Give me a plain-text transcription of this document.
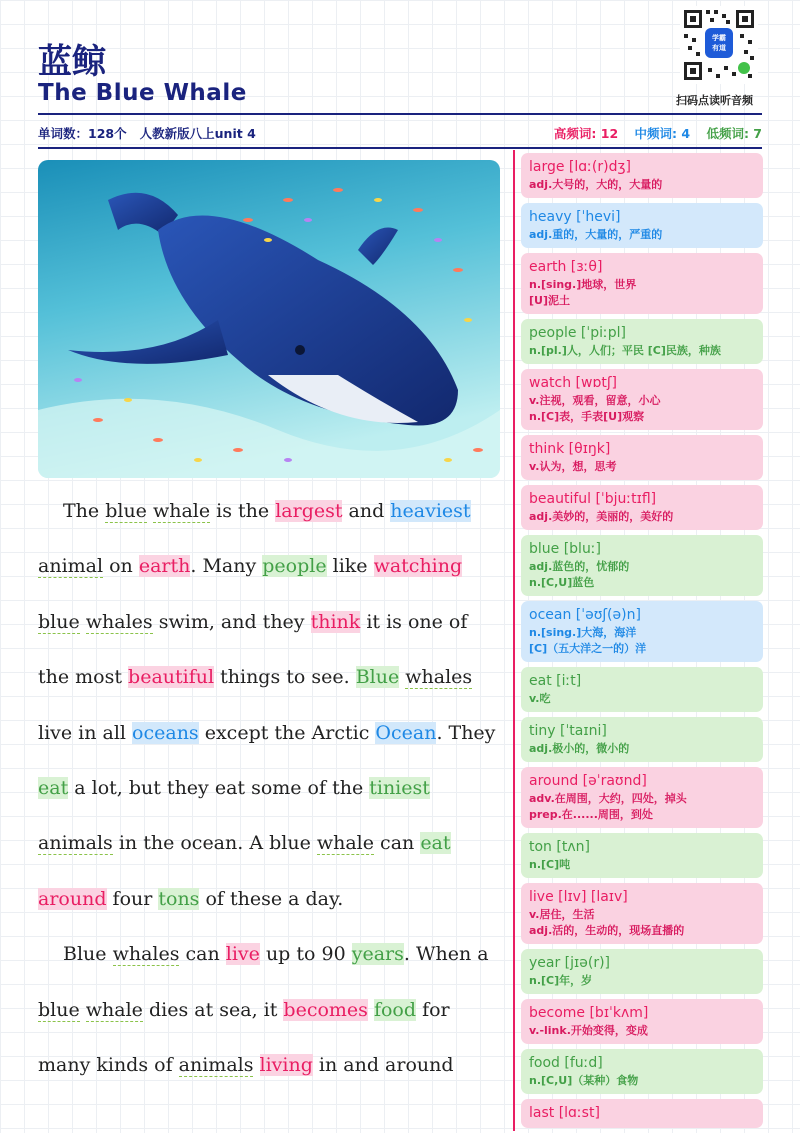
蓝鲸
The Blue Whale
学霸
有道
扫码点读听音频
单词数：128个 人教新版八上unit 4	高频词: 12 中频词: 4 低频词: 7

The blue whale is the largest and heaviest animal on earth. Many people like watching blue whales swim, and they think it is one of the most beautiful things to see. Blue whales live in all oceans except the Arctic Ocean. They eat a lot, but they eat some of the tiniest animals in the ocean. A blue whale can eat around four tons of these a day.

Blue whales can live up to 90 years. When a blue whale dies at sea, it becomes food for many kinds of animals living in and around

large [lɑː(r)dʒ]
adj.大号的，大的，大量的
heavy [ˈhevi]
adj.重的，大量的，严重的
earth [ɜːθ]
n.[sing.]地球，世界
[U]泥土
people [ˈpiːpl]
n.[pl.]人，人们；平民 [C]民族，种族
watch [wɒtʃ]
v.注视，观看，留意，小心
n.[C]表，手表[U]观察
think [θɪŋk]
v.认为，想，思考
beautiful [ˈbjuːtɪfl]
adj.美妙的，美丽的，美好的
blue [bluː]
adj.蓝色的，忧郁的
n.[C,U]蓝色
ocean [ˈəʊʃ(ə)n]
n.[sing.]大海，海洋
[C]（五大洋之一的）洋
eat [iːt]
v.吃
tiny [ˈtaɪni]
adj.极小的，微小的
around [əˈraʊnd]
adv.在周围，大约，四处，掉头
prep.在......周围，到处
ton [tʌn]
n.[C]吨
live [lɪv] [laɪv]
v.居住，生活
adj.活的，生动的，现场直播的
year [jɪə(r)]
n.[C]年，岁
become [bɪˈkʌm]
v.-link.开始变得，变成
food [fuːd]
n.[C,U]（某种）食物
last [lɑːst]
